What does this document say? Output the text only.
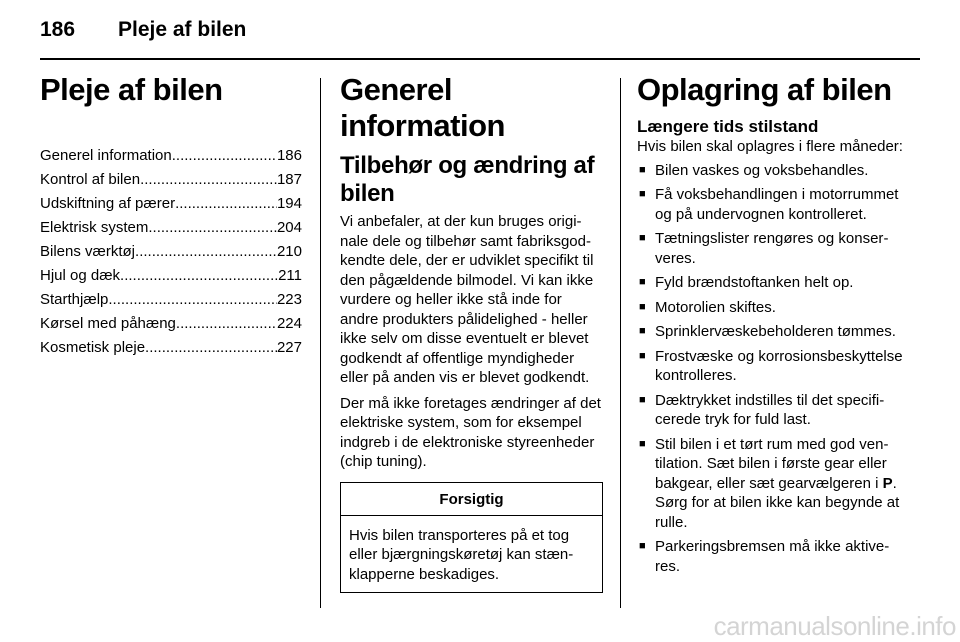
186 Pleje af bilen
Pleje af bilen
Generel information .....	186
Kontrol af bilen .....	187
Udskiftning af pærer .....	194
Elektrisk system .....	204
Bilens værktøj .....	210
Hjul og dæk .....	211
Starthjælp .....	223
Kørsel med påhæng .....	224
Kosmetisk pleje .....	227
Generel information
Tilbehør og ændring af bilen

Vi anbefaler, at der kun bruges originale dele og tilbehør samt fabriksgodkendte dele, der er udviklet specifikt til den pågældende bilmodel. Vi kan ikke vurdere og heller ikke stå inde for andre produkters pålidelighed - heller ikke selv om disse eventuelt er blevet godkendt af offentlige myndigheder eller på anden vis er blevet godkendt.

Der må ikke foretages ændringer af det elektriske system, som for eksempel indgreb i de elektroniske styreenheder (chip tuning).

Forsigtig
Hvis bilen transporteres på et tog eller bjærgningskøretøj kan stænklapperne beskadiges.
Oplagring af bilen
Længere tids stilstand

Hvis bilen skal oplagres i flere måneder:

■ Bilen vaskes og voksbehandles.
■ Få voksbehandlingen i motorrummet og på undervognen kontrolleret.
■ Tætningslister rengøres og konserveres.
■ Fyld brændstoftanken helt op.
■ Motorolien skiftes.
■ Sprinklervæskebeholderen tømmes.
■ Frostvæske og korrosionsbeskyttelse kontrolleres.
■ Dæktrykket indstilles til det specificerede tryk for fuld last.
■ Stil bilen i et tørt rum med god ventilation. Sæt bilen i første gear eller bakgear, eller sæt gearvælgeren i P. Sørg for at bilen ikke kan begynde at rulle.
■ Parkeringsbremsen må ikke aktiveres.
carmanualsonline.info
